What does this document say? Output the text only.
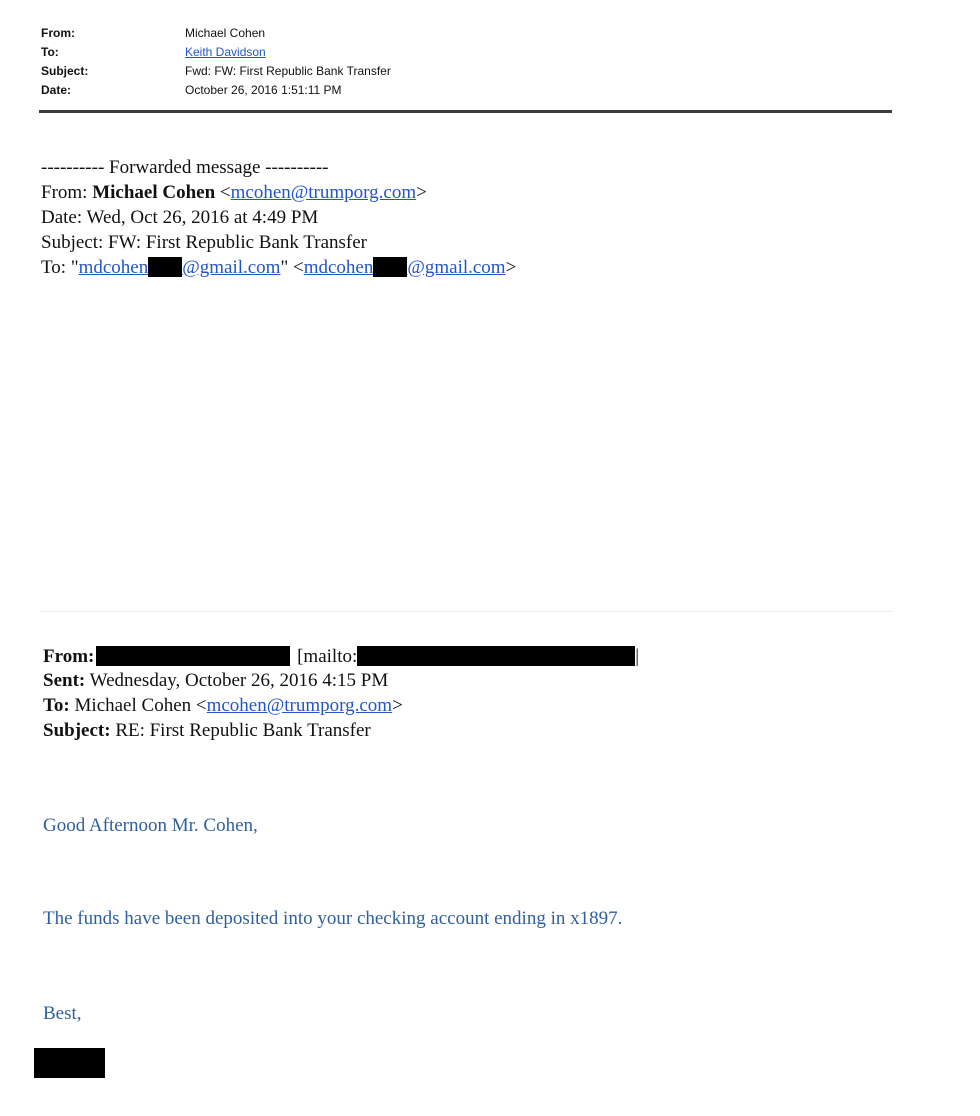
From:	Michael Cohen
To:	Keith Davidson
Subject:	Fwd: FW: First Republic Bank Transfer
Date:	October 26, 2016 1:51:11 PM
---------- Forwarded message ----------
From: Michael Cohen <mcohen@trumporg.com>
Date: Wed, Oct 26, 2016 at 4:49 PM
Subject: FW: First Republic Bank Transfer
To: "mdcohen @gmail.com" <mdcohen @gmail.com>
From:	[mailto:	|
Sent: Wednesday, October 26, 2016 4:15 PM
To: Michael Cohen <mcohen@trumporg.com>
Subject: RE: First Republic Bank Transfer
Good Afternoon Mr. Cohen,
The funds have been deposited into your checking account ending in x1897.
Best,
